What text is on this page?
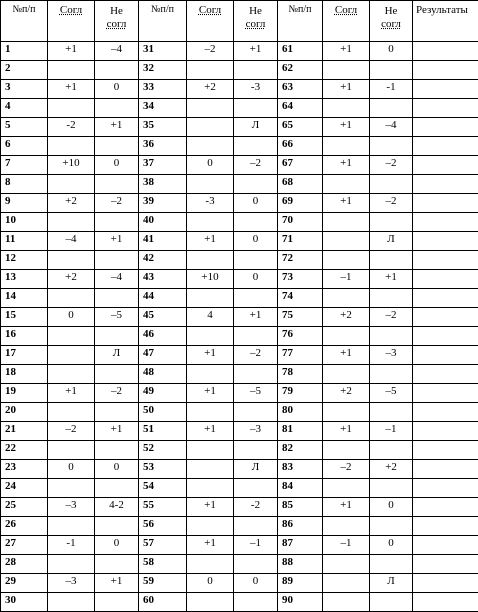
№п/п	Согл	Не
согл	№п/п	Согл	Не
согл	№п/п	Согл	Не
согл	Результаты
1	+1	–4	31	–2	+1	61	+1	0	
2			32			62			
3	+1	0	33	+2	-3	63	+1	-1	
4			34			64			
5	-2	+1	35		Л	65	+1	–4	
6			36			66			
7	+10	0	37	0	–2	67	+1	–2	
8			38			68			
9	+2	–2	39	-3	0	69	+1	–2	
10			40			70			
11	–4	+1	41	+1	0	71		Л	
12			42			72			
13	+2	–4	43	+10	0	73	–1	+1	
14			44			74			
15	0	–5	45	4	+1	75	+2	–2	
16			46			76			
17		Л	47	+1	–2	77	+1	–3	
18			48			78			
19	+1	–2	49	+1	–5	79	+2	–5	
20			50			80			
21	–2	+1	51	+1	–3	81	+1	–1	
22			52			82			
23	0	0	53		Л	83	–2	+2	
24			54			84			
25	–3	4-2	55	+1	-2	85	+1	0	
26			56			86			
27	-1	0	57	+1	–1	87	–1	0	
28			58			88			
29	–3	+1	59	0	0	89		Л	
30			60			90			
